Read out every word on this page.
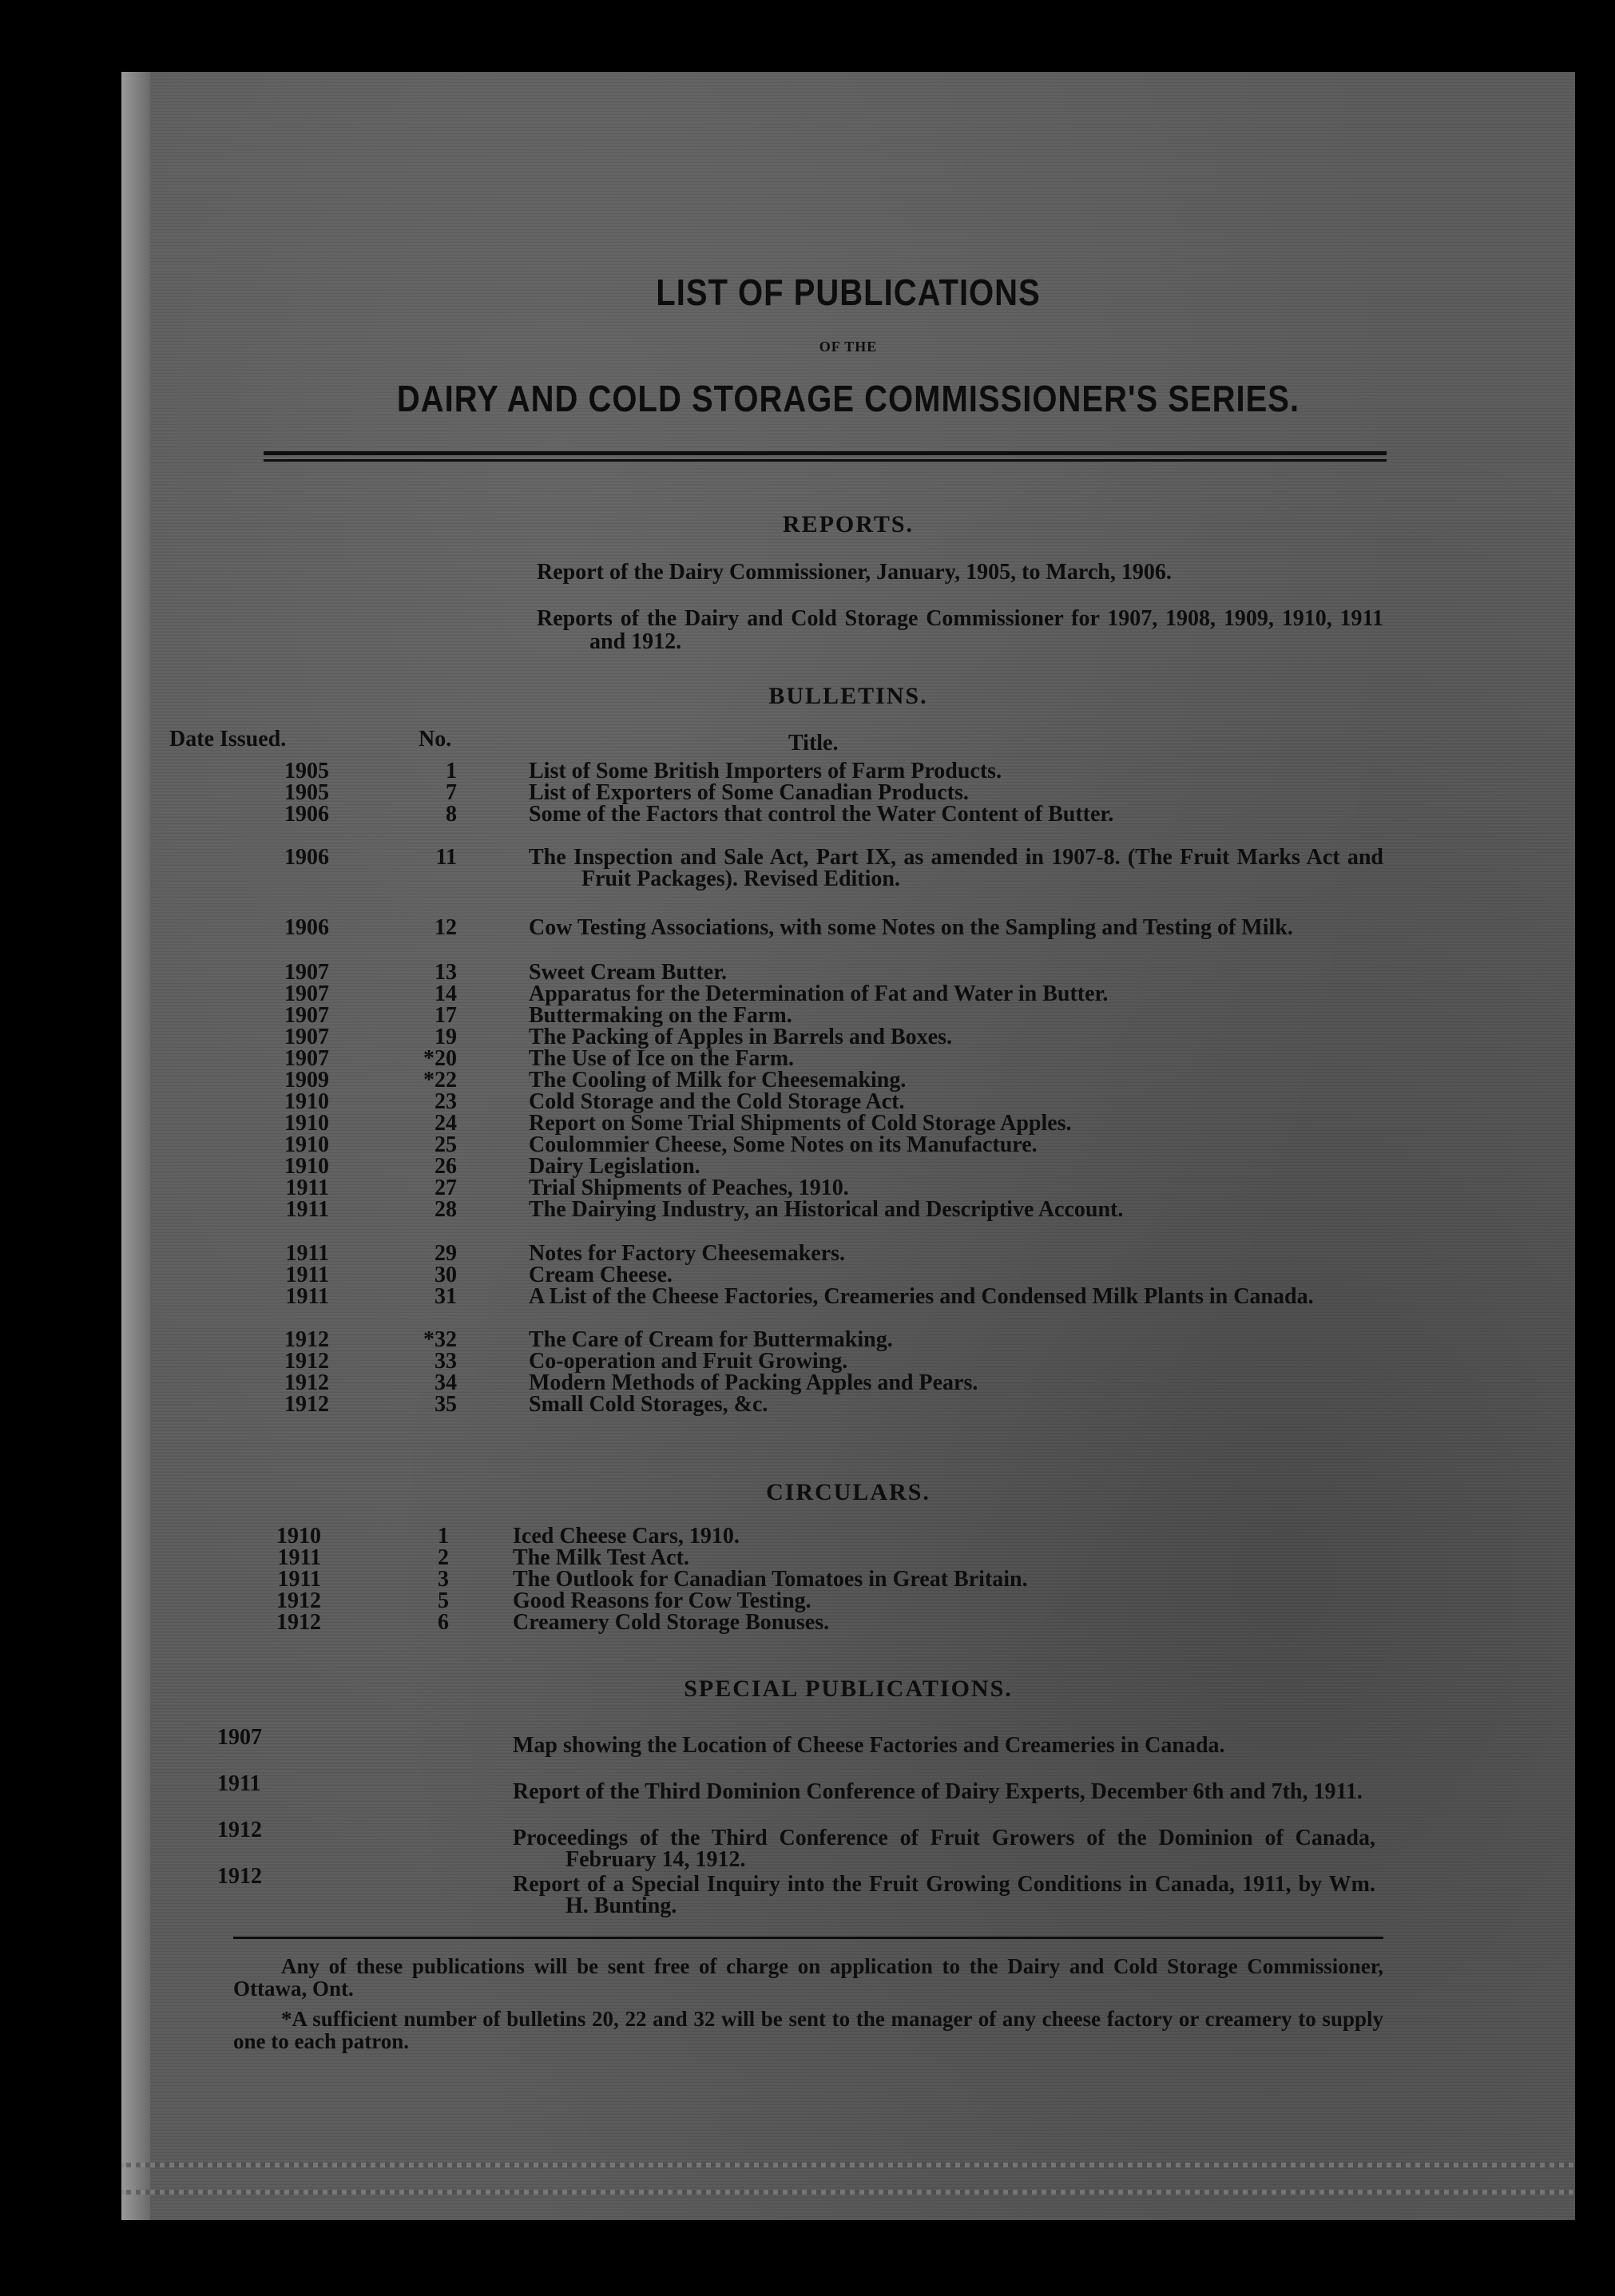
LIST OF PUBLICATIONS
OF THE
DAIRY AND COLD STORAGE COMMISSIONER'S SERIES.
REPORTS.
Report of the Dairy Commissioner, January, 1905, to March, 1906.
Reports of the Dairy and Cold Storage Commissioner for 1907, 1908, 1909, 1910, 1911 and 1912.
BULLETINS.
Date Issued.	No.	Title.
1905	1	List of Some British Importers of Farm Products.
1905	7	List of Exporters of Some Canadian Products.
1906	8	Some of the Factors that control the Water Content of Butter.
1906	11	The Inspection and Sale Act, Part IX, as amended in 1907-8. (The Fruit Marks Act and Fruit Packages). Revised Edition.
1906	12	Cow Testing Associations, with some Notes on the Sampling and Testing of Milk.
1907	13	Sweet Cream Butter.
1907	14	Apparatus for the Determination of Fat and Water in Butter.
1907	17	Buttermaking on the Farm.
1907	19	The Packing of Apples in Barrels and Boxes.
1907	*20	The Use of Ice on the Farm.
1909	*22	The Cooling of Milk for Cheesemaking.
1910	23	Cold Storage and the Cold Storage Act.
1910	24	Report on Some Trial Shipments of Cold Storage Apples.
1910	25	Coulommier Cheese, Some Notes on its Manufacture.
1910	26	Dairy Legislation.
1911	27	Trial Shipments of Peaches, 1910.
1911	28	The Dairying Industry, an Historical and Descriptive Account.
1911	29	Notes for Factory Cheesemakers.
1911	30	Cream Cheese.
1911	31	A List of the Cheese Factories, Creameries and Condensed Milk Plants in Canada.
1912	*32	The Care of Cream for Buttermaking.
1912	33	Co-operation and Fruit Growing.
1912	34	Modern Methods of Packing Apples and Pears.
1912	35	Small Cold Storages, &c.
CIRCULARS.
1910	1	Iced Cheese Cars, 1910.
1911	2	The Milk Test Act.
1911	3	The Outlook for Canadian Tomatoes in Great Britain.
1912	5	Good Reasons for Cow Testing.
1912	6	Creamery Cold Storage Bonuses.
SPECIAL PUBLICATIONS.
1907	Map showing the Location of Cheese Factories and Creameries in Canada.
1911	Report of the Third Dominion Conference of Dairy Experts, December 6th and 7th, 1911.
1912	Proceedings of the Third Conference of Fruit Growers of the Dominion of Canada, February 14, 1912.
1912	Report of a Special Inquiry into the Fruit Growing Conditions in Canada, 1911, by Wm. H. Bunting.
Any of these publications will be sent free of charge on application to the Dairy and Cold Storage Commissioner, Ottawa, Ont.
*A sufficient number of bulletins 20, 22 and 32 will be sent to the manager of any cheese factory or creamery to supply one to each patron.
